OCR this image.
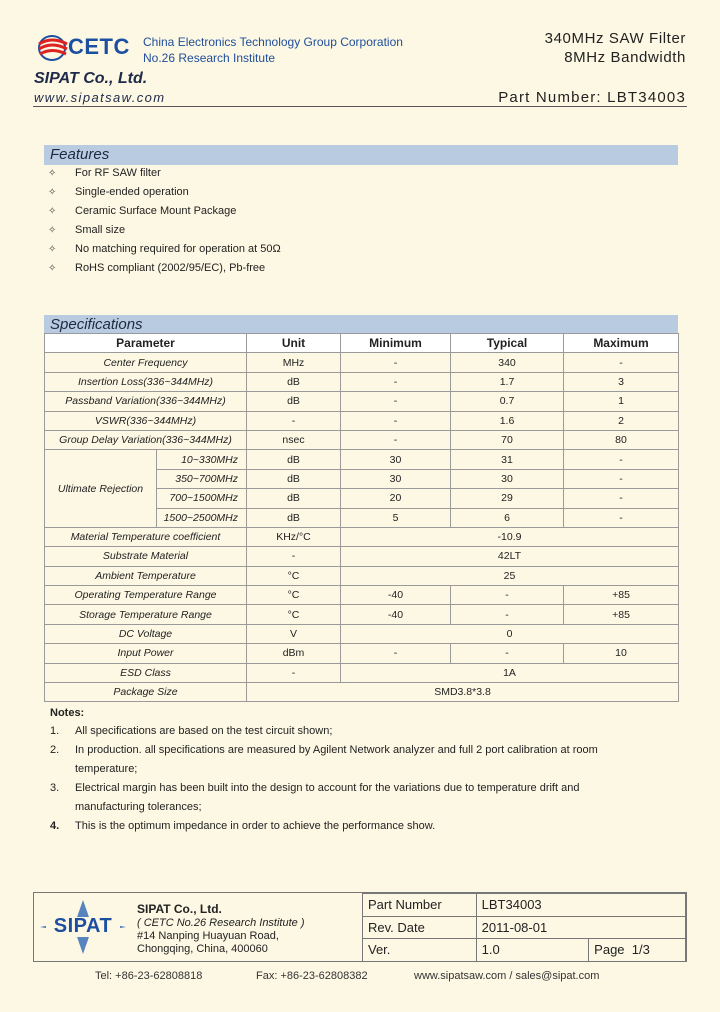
CETC China Electronics Technology Group Corporation
No.26 Research Institute
340MHz SAW Filter
8MHz Bandwidth
SIPAT Co., Ltd.
www.sipatsaw.com	Part Number: LBT34003
Features
✧ For RF SAW filter
✧ Single-ended operation
✧ Ceramic Surface Mount Package
✧ Small size
✧ No matching required for operation at 50Ω
✧ RoHS compliant (2002/95/EC), Pb-free
Specifications
Parameter		Unit	Minimum	Typical	Maximum
Center Frequency		MHz	-	340	-
Insertion Loss(336~344MHz)		dB	-	1.7	3
Passband Variation(336~344MHz)		dB	-	0.7	1
VSWR(336~344MHz)		-	-	1.6	2
Group Delay Variation(336~344MHz)		nsec	-	70	80
Ultimate Rejection	10~330MHz	dB	30	31	-
	350~700MHz	dB	30	30	-
	700~1500MHz	dB	20	29	-
	1500~2500MHz	dB	5	6	-
Material Temperature coefficient		KHz/°C	-10.9		
Substrate Material		-	42LT		
Ambient Temperature		°C	25		
Operating Temperature Range		°C	-40	-	+85
Storage Temperature Range		°C	-40	-	+85
DC Voltage		V	0		
Input Power		dBm	-	-	10
ESD Class		-	1A		
Package Size		SMD3.8*3.8			
Notes:
1.	All specifications are based on the test circuit shown;
2.	In production. all specifications are measured by Agilent Network analyzer and full 2 port calibration at room temperature;
3.	Electrical margin has been built into the design to account for the variations due to temperature drift and manufacturing tolerances;
4.	This is the optimum impedance in order to achieve the performance show.
SIPAT
SIPAT Co., Ltd.
( CETC No.26 Research Institute )
#14 Nanping Huayuan Road,
Chongqing, China, 400060
Part Number	LBT34003	
Rev. Date	2011-08-01	
Ver.	1.0	Page 1/3
Tel: +86-23-62808818	Fax: +86-23-62808382	www.sipatsaw.com / sales@sipat.com
